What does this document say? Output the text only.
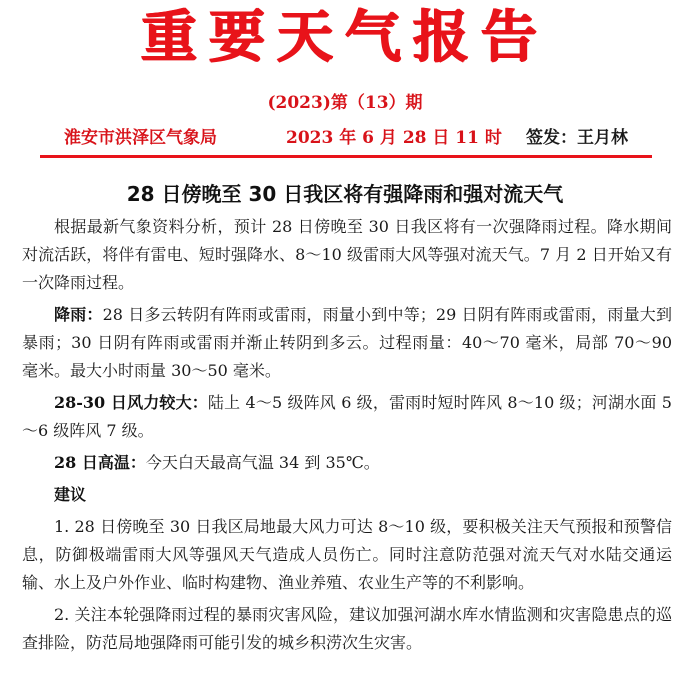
重要天气报告
(2023)第（13）期
淮安市洪泽区气象局	2023 年 6 月 28 日 11 时 签发：王月林
28 日傍晚至 30 日我区将有强降雨和强对流天气

根据最新气象资料分析，预计 28 日傍晚至 30 日我区将有一次强降雨过程。降水期间对流活跃，将伴有雷电、短时强降水、8～10 级雷雨大风等强对流天气。7 月 2 日开始又有一次降雨过程。

降雨：28 日多云转阴有阵雨或雷雨，雨量小到中等；29 日阴有阵雨或雷雨，雨量大到暴雨；30 日阴有阵雨或雷雨并渐止转阴到多云。过程雨量：40～70 毫米，局部 70～90 毫米。最大小时雨量 30～50 毫米。

28-30 日风力较大：陆上 4～5 级阵风 6 级，雷雨时短时阵风 8～10 级；河湖水面 5～6 级阵风 7 级。

28 日高温：今天白天最高气温 34 到 35℃。

建议

1. 28 日傍晚至 30 日我区局地最大风力可达 8～10 级，要积极关注天气预报和预警信息，防御极端雷雨大风等强风天气造成人员伤亡。同时注意防范强对流天气对水陆交通运输、水上及户外作业、临时构建物、渔业养殖、农业生产等的不利影响。

2. 关注本轮强降雨过程的暴雨灾害风险，建议加强河湖水库水情监测和灾害隐患点的巡查排险，防范局地强降雨可能引发的城乡积涝次生灾害。
